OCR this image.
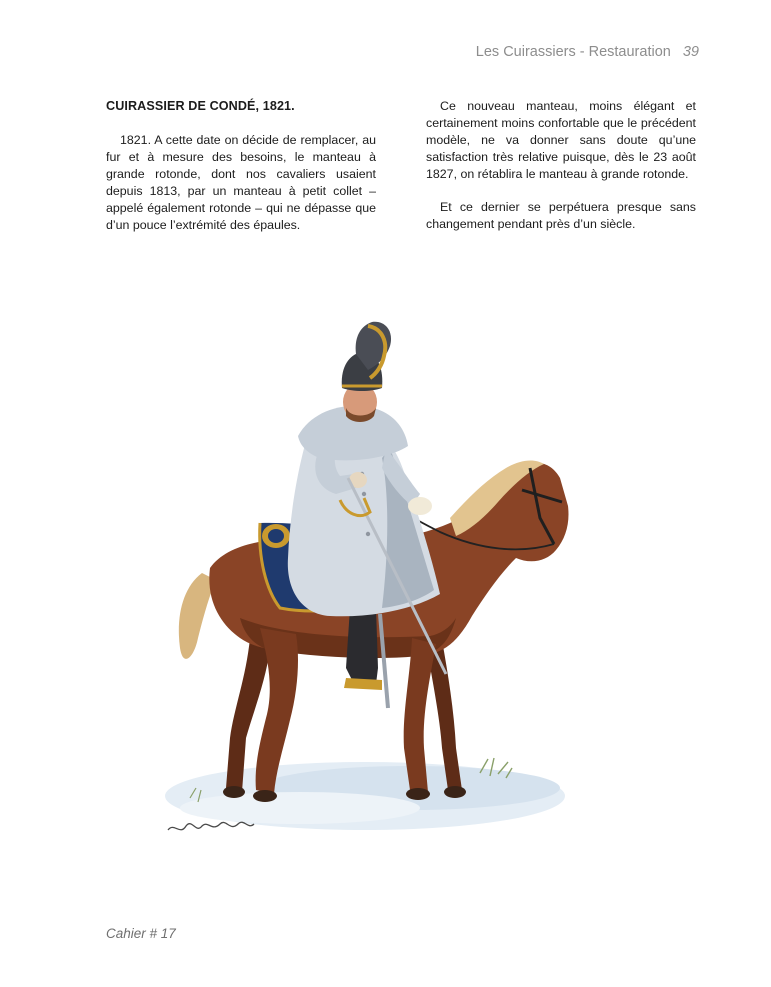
Les Cuirassiers - Restauration 39
CUIRASSIER DE CONDÉ, 1821.

1821. A cette date on décide de remplacer, au fur et à mesure des besoins, le manteau à grande rotonde, dont nos cavaliers usaient depuis 1813, par un manteau à petit collet – appelé également rotonde – qui ne dépasse que d’un pouce l’extrémité des épaules.

Ce nouveau manteau, moins élégant et certainement moins confortable que le précédent modèle, ne va donner sans doute qu’une satisfaction très relative puisque, dès le 23 août 1827, on rétablira le manteau à grande rotonde.

Et ce dernier se perpétuera presque sans changement pendant près d’un siècle.

Cahier # 17
